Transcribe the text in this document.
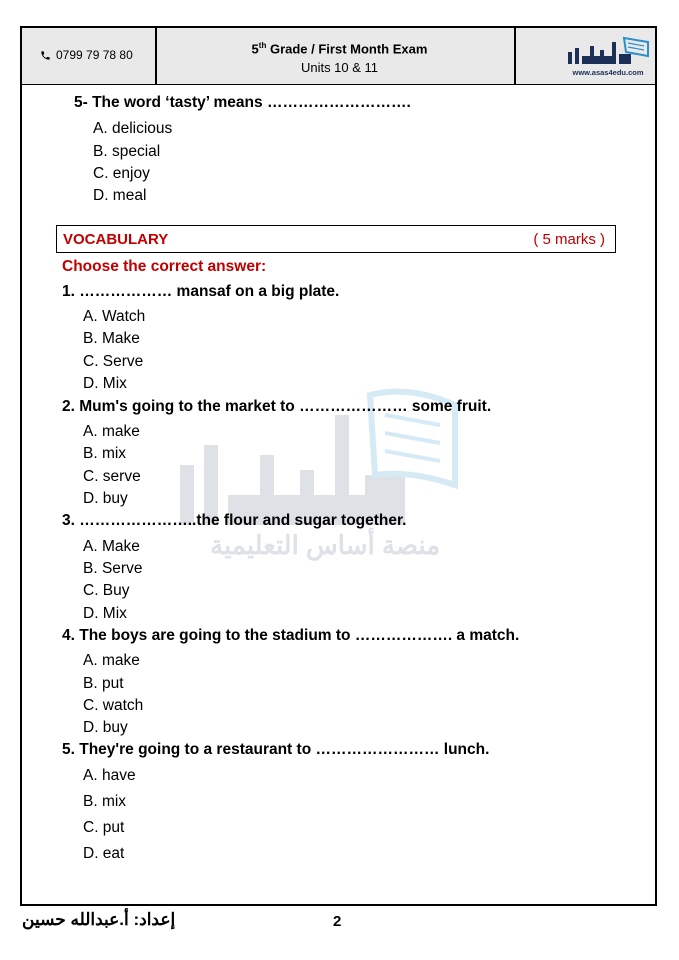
0799 79 78 80	5th Grade / First Month Exam
Units 10 & 11	www.asas4edu.com
منصة أساس التعليمية
5- The word ‘tasty’ means ……………………….
A. delicious
B. special
C. enjoy
D. meal
VOCABULARY	( 5 marks )
Choose the correct answer:
1. ……………… mansaf on a big plate.
A. Watch
B. Make
C. Serve
D. Mix
2. Mum's going to the market to ………………… some fruit.
A. make
B. mix
C. serve
D. buy
3. …………………..the flour and sugar together.
A. Make
B. Serve
C. Buy
D. Mix
4. The boys are going to the stadium to ………………. a match.
A. make
B. put
C. watch
D. buy
5. They're going to a restaurant to …………………… lunch.
A. have
B. mix
C. put
D. eat
إعداد: أ.عبدالله حسين	2
